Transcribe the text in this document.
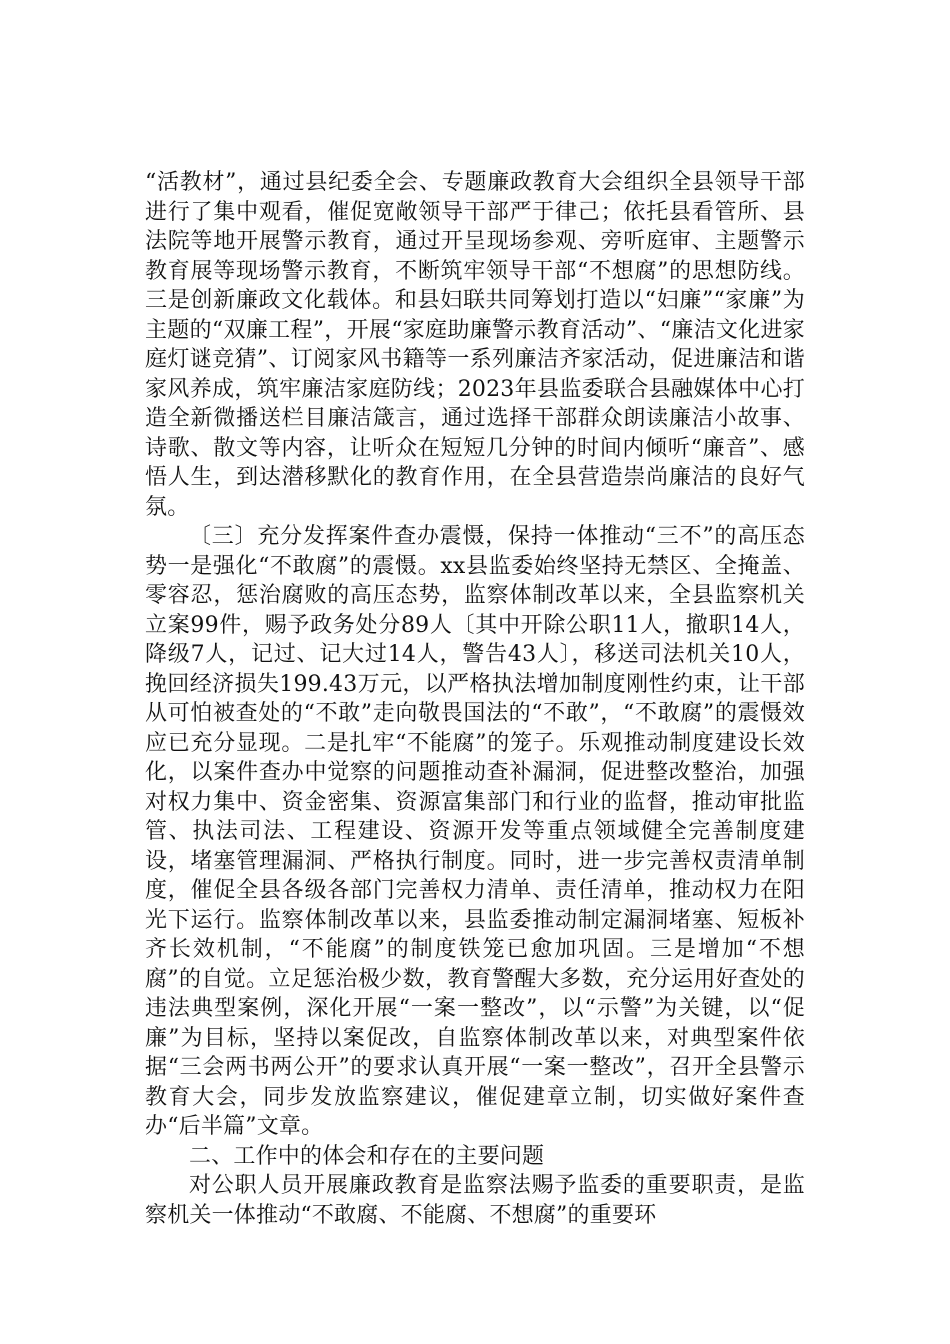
“活教材”，通过县纪委全会、专题廉政教育大会组织全县领导干部进行了集中观看，催促宽敞领导干部严于律己；依托县看管所、县法院等地开展警示教育，通过开呈现场参观、旁听庭审、主题警示教育展等现场警示教育，不断筑牢领导干部“不想腐”的思想防线。三是创新廉政文化载体。和县妇联共同筹划打造以“妇廉”“家廉”为主题的“双廉工程”，开展“家庭助廉警示教育活动”、“廉洁文化进家庭灯谜竞猜”、订阅家风书籍等一系列廉洁齐家活动，促进廉洁和谐家风养成，筑牢廉洁家庭防线；2023年县监委联合县融媒体中心打造全新微播送栏目廉洁箴言，通过选择干部群众朗读廉洁小故事、诗歌、散文等内容，让听众在短短几分钟的时间内倾听“廉音”、感悟人生，到达潜移默化的教育作用，在全县营造崇尚廉洁的良好气氛。

〔三〕充分发挥案件查办震慑，保持一体推动“三不”的高压态势一是强化“不敢腐”的震慑。xx县监委始终坚持无禁区、全掩盖、零容忍，惩治腐败的高压态势，监察体制改革以来，全县监察机关立案99件，赐予政务处分89人〔其中开除公职11人，撤职14人，降级7人，记过、记大过14人，警告43人〕，移送司法机关10人，挽回经济损失199.43万元，以严格执法增加制度刚性约束，让干部从可怕被查处的“不敢”走向敬畏国法的“不敢”，“不敢腐”的震慑效应已充分显现。二是扎牢“不能腐”的笼子。乐观推动制度建设长效化，以案件查办中觉察的问题推动查补漏洞，促进整改整治，加强对权力集中、资金密集、资源富集部门和行业的监督，推动审批监管、执法司法、工程建设、资源开发等重点领域健全完善制度建设，堵塞管理漏洞、严格执行制度。同时，进一步完善权责清单制度，催促全县各级各部门完善权力清单、责任清单，推动权力在阳光下运行。监察体制改革以来，县监委推动制定漏洞堵塞、短板补齐长效机制，“不能腐”的制度铁笼已愈加巩固。三是增加“不想腐”的自觉。立足惩治极少数，教育警醒大多数，充分运用好查处的违法典型案例，深化开展“一案一整改”，以“示警”为关键，以“促廉”为目标，坚持以案促改，自监察体制改革以来，对典型案件依据“三会两书两公开”的要求认真开展“一案一整改”，召开全县警示教育大会，同步发放监察建议，催促建章立制，切实做好案件查办“后半篇”文章。

二、工作中的体会和存在的主要问题

对公职人员开展廉政教育是监察法赐予监委的重要职责，是监察机关一体推动“不敢腐、不能腐、不想腐”的重要环
